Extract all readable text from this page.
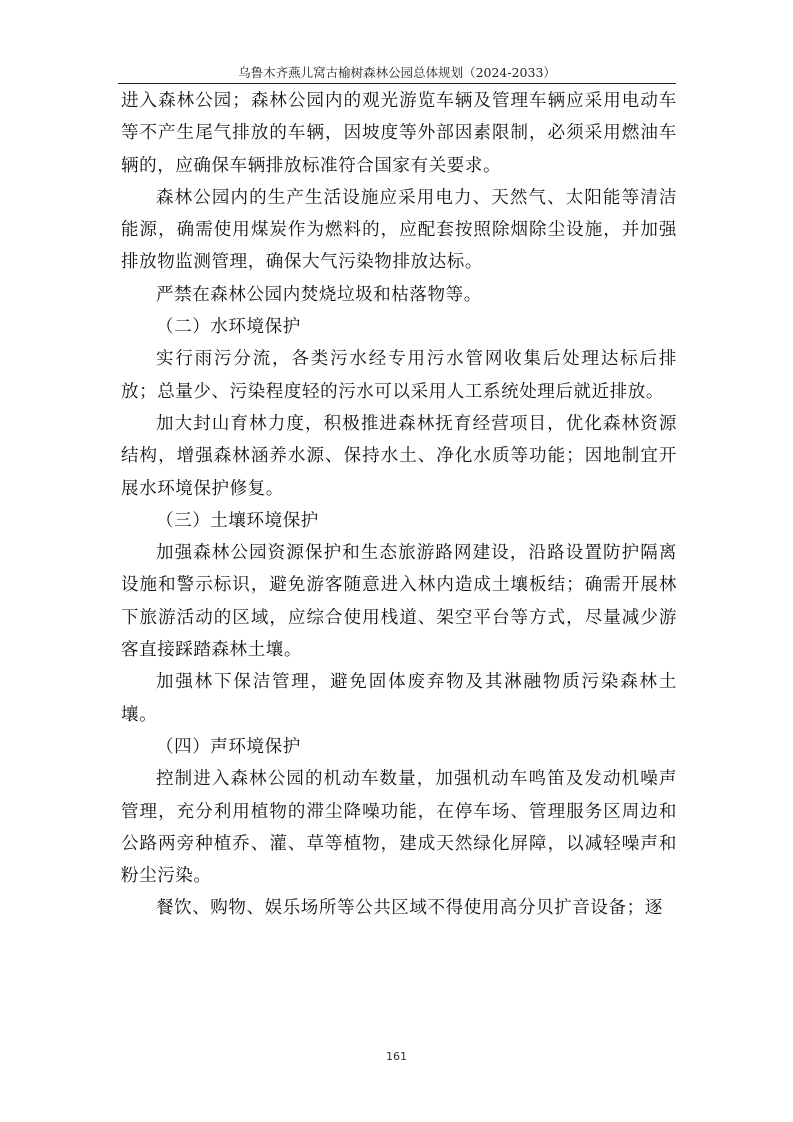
乌鲁木齐燕儿窝古榆树森林公园总体规划（2024-2033）

进入森林公园；森林公园内的观光游览车辆及管理车辆应采用电动车等不产生尾气排放的车辆，因坡度等外部因素限制，必须采用燃油车辆的，应确保车辆排放标准符合国家有关要求。

森林公园内的生产生活设施应采用电力、天然气、太阳能等清洁能源，确需使用煤炭作为燃料的，应配套按照除烟除尘设施，并加强排放物监测管理，确保大气污染物排放达标。

严禁在森林公园内焚烧垃圾和枯落物等。

（二）水环境保护

实行雨污分流，各类污水经专用污水管网收集后处理达标后排放；总量少、污染程度轻的污水可以采用人工系统处理后就近排放。

加大封山育林力度，积极推进森林抚育经营项目，优化森林资源结构，增强森林涵养水源、保持水土、净化水质等功能；因地制宜开展水环境保护修复。

（三）土壤环境保护

加强森林公园资源保护和生态旅游路网建设，沿路设置防护隔离设施和警示标识，避免游客随意进入林内造成土壤板结；确需开展林下旅游活动的区域，应综合使用栈道、架空平台等方式，尽量减少游客直接踩踏森林土壤。

加强林下保洁管理，避免固体废弃物及其淋融物质污染森林土壤。

（四）声环境保护

控制进入森林公园的机动车数量，加强机动车鸣笛及发动机噪声管理，充分利用植物的滞尘降噪功能，在停车场、管理服务区周边和公路两旁种植乔、灌、草等植物，建成天然绿化屏障，以减轻噪声和粉尘污染。

餐饮、购物、娱乐场所等公共区域不得使用高分贝扩音设备；逐

161
